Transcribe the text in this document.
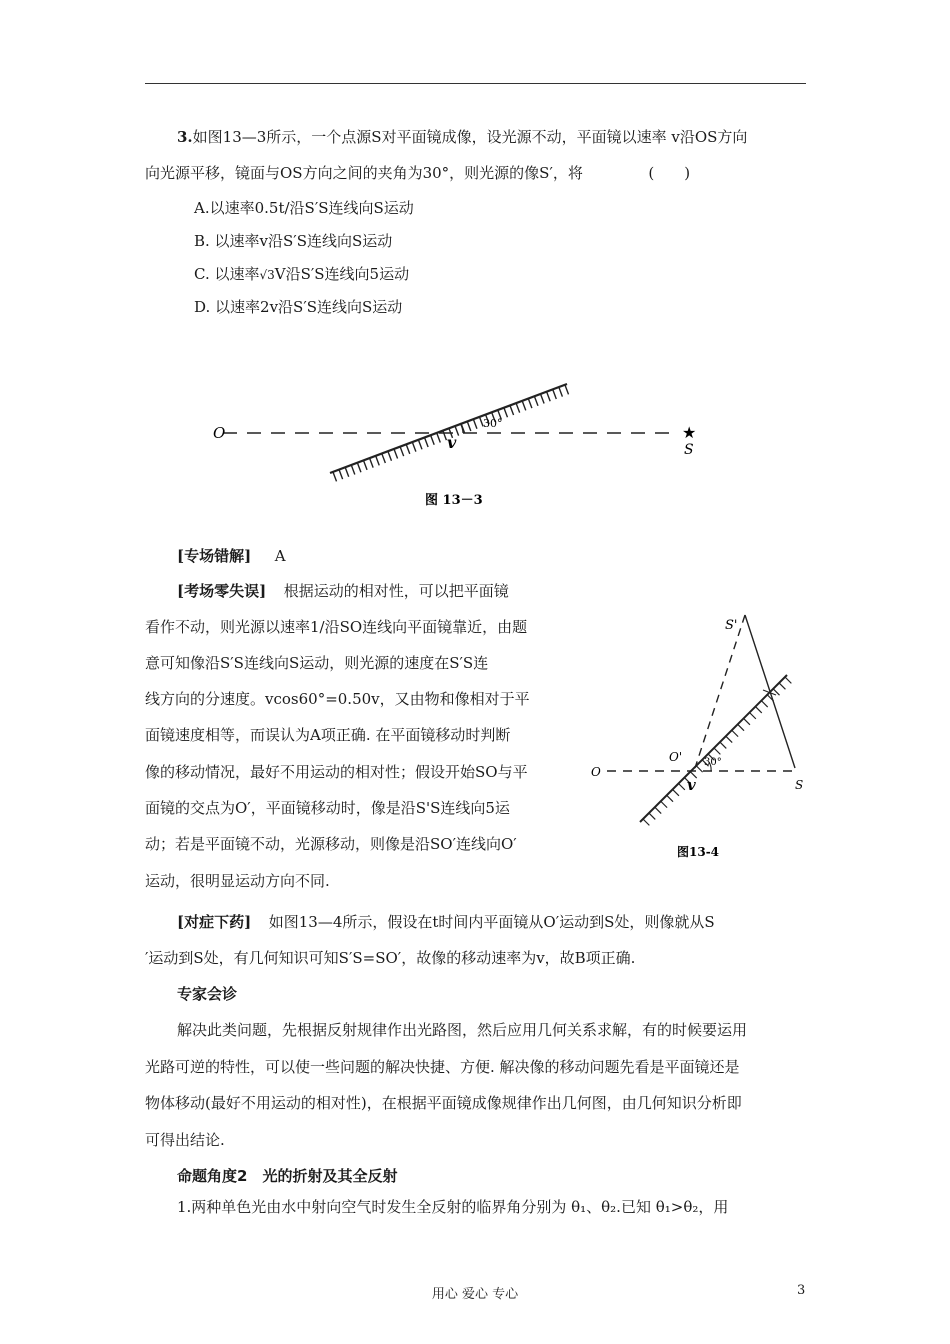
3.如图13—3所示，一个点源S对平面镜成像，设光源不动，平面镜以速率 v沿OS方向
向光源平移，镜面与OS方向之间的夹角为30°，则光源的像S′，将	(　　)
A.以速率0.5t/沿S′S连线向S运动
B. 以速率v沿S′S连线向S运动
C. 以速率√3V沿S′S连线向5运动
D. 以速率2v沿S′S连线向S运动
O	v
30°	★
S
图 13－3
[专场错解] A
[考场零失误] 根据运动的相对性，可以把平面镜
看作不动，则光源以速率1/沿SO连线向平面镜靠近，由题
意可知像沿S′S连线向S运动，则光源的速度在S′S连
线方向的分速度。vcos60°=0.50v，又由物和像相对于平
面镜速度相等，而误认为A项正确. 在平面镜移动时判断
像的移动情况，最好不用运动的相对性；假设开始SO与平
面镜的交点为O′，平面镜移动时，像是沿S'S连线向5运
动；若是平面镜不动，光源移动，则像是沿SO′连线向O′
运动，很明显运动方向不同.
S'
O'
O
v
30°
S
图13-4
[对症下药] 如图13—4所示，假设在t时间内平面镜从O′运动到S处，则像就从S
′运动到S处，有几何知识可知S′S=SO′，故像的移动速率为v，故B项正确.
专家会诊
解决此类问题，先根据反射规律作出光路图，然后应用几何关系求解，有的时候要运用
光路可逆的特性，可以使一些问题的解决快捷、方便. 解决像的移动问题先看是平面镜还是
物体移动(最好不用运动的相对性)，在根据平面镜成像规律作出几何图，由几何知识分析即
可得出结论.
命题角度2　光的折射及其全反射
1.两种单色光由水中射向空气时发生全反射的临界角分别为 θ₁、θ₂.已知 θ₁>θ₂，用
用心 爱心 专心	3
